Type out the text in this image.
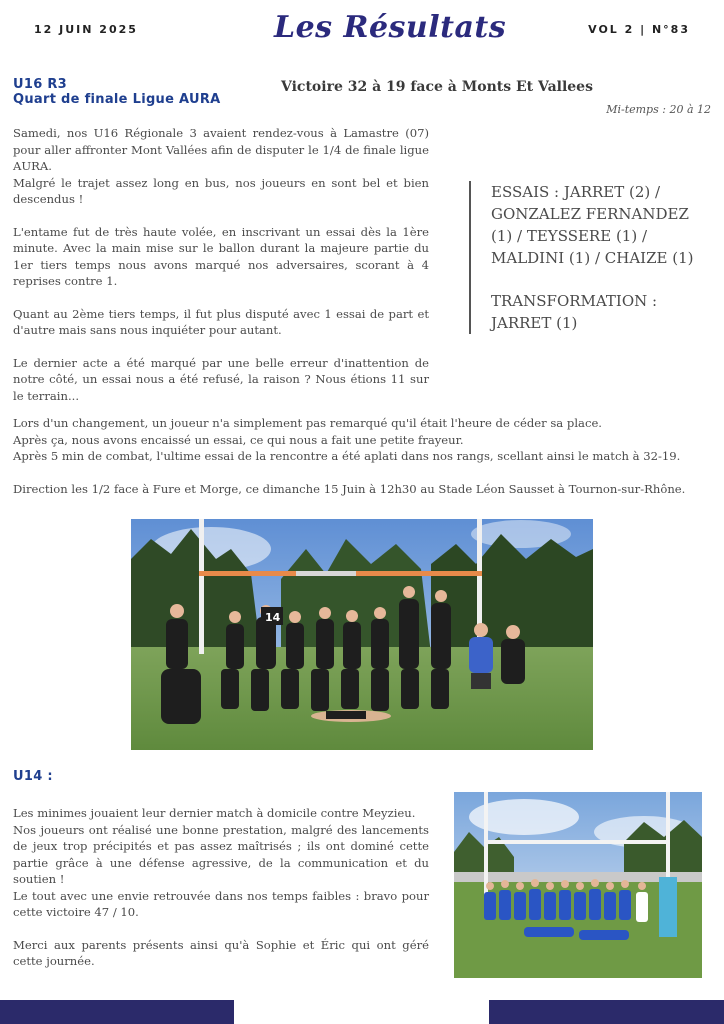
12 JUIN 2025	Les Résultats	VOL 2 | N°83
U16 R3
Quart de finale Ligue AURA
Victoire 32 à 19 face à Monts Et Vallees
Mi-temps : 20 à 12

Samedi, nos U16 Régionale 3 avaient rendez-vous à Lamastre (07) pour aller affronter Mont Vallées afin de disputer le 1/4 de finale ligue AURA.

Malgré le trajet assez long en bus, nos joueurs en sont bel et bien descendus !

L'entame fut de très haute volée, en inscrivant un essai dès la 1ère minute. Avec la main mise sur le ballon durant la majeure partie du 1er tiers temps nous avons marqué nos adversaires, scorant à 4 reprises contre 1.

Quant au 2ème tiers temps, il fut plus disputé avec 1 essai de part et d'autre mais sans nous inquiéter pour autant.

Le dernier acte a été marqué par une belle erreur d'inattention de notre côté, un essai nous a été refusé, la raison ? Nous étions 11 sur le terrain...

ESSAIS : JARRET (2) / GONZALEZ FERNANDEZ (1) / TEYSSERE (1) / MALDINI (1) / CHAIZE (1)

TRANSFORMATION : JARRET (1)

Lors d'un changement, un joueur n'a simplement pas remarqué qu'il était l'heure de céder sa place.

Après ça, nous avons encaissé un essai, ce qui nous a fait une petite frayeur.

Après 5 min de combat, l'ultime essai de la rencontre a été aplati dans nos rangs, scellant ainsi le match à 32-19.

Direction les 1/2 face à Fure et Morge, ce dimanche 15 Juin à 12h30 au Stade Léon Sausset à Tournon-sur-Rhône.

14
U14 :

Les minimes jouaient leur dernier match à domicile contre Meyzieu.

Nos joueurs ont réalisé une bonne prestation, malgré des lancements de jeux trop précipités et pas assez maîtrisés ; ils ont dominé cette partie grâce à une défense agressive, de la communication et du soutien !

Le tout avec une envie retrouvée dans nos temps faibles : bravo pour cette victoire 47 / 10.

Merci aux parents présents ainsi qu'à Sophie et Éric qui ont géré cette journée.
